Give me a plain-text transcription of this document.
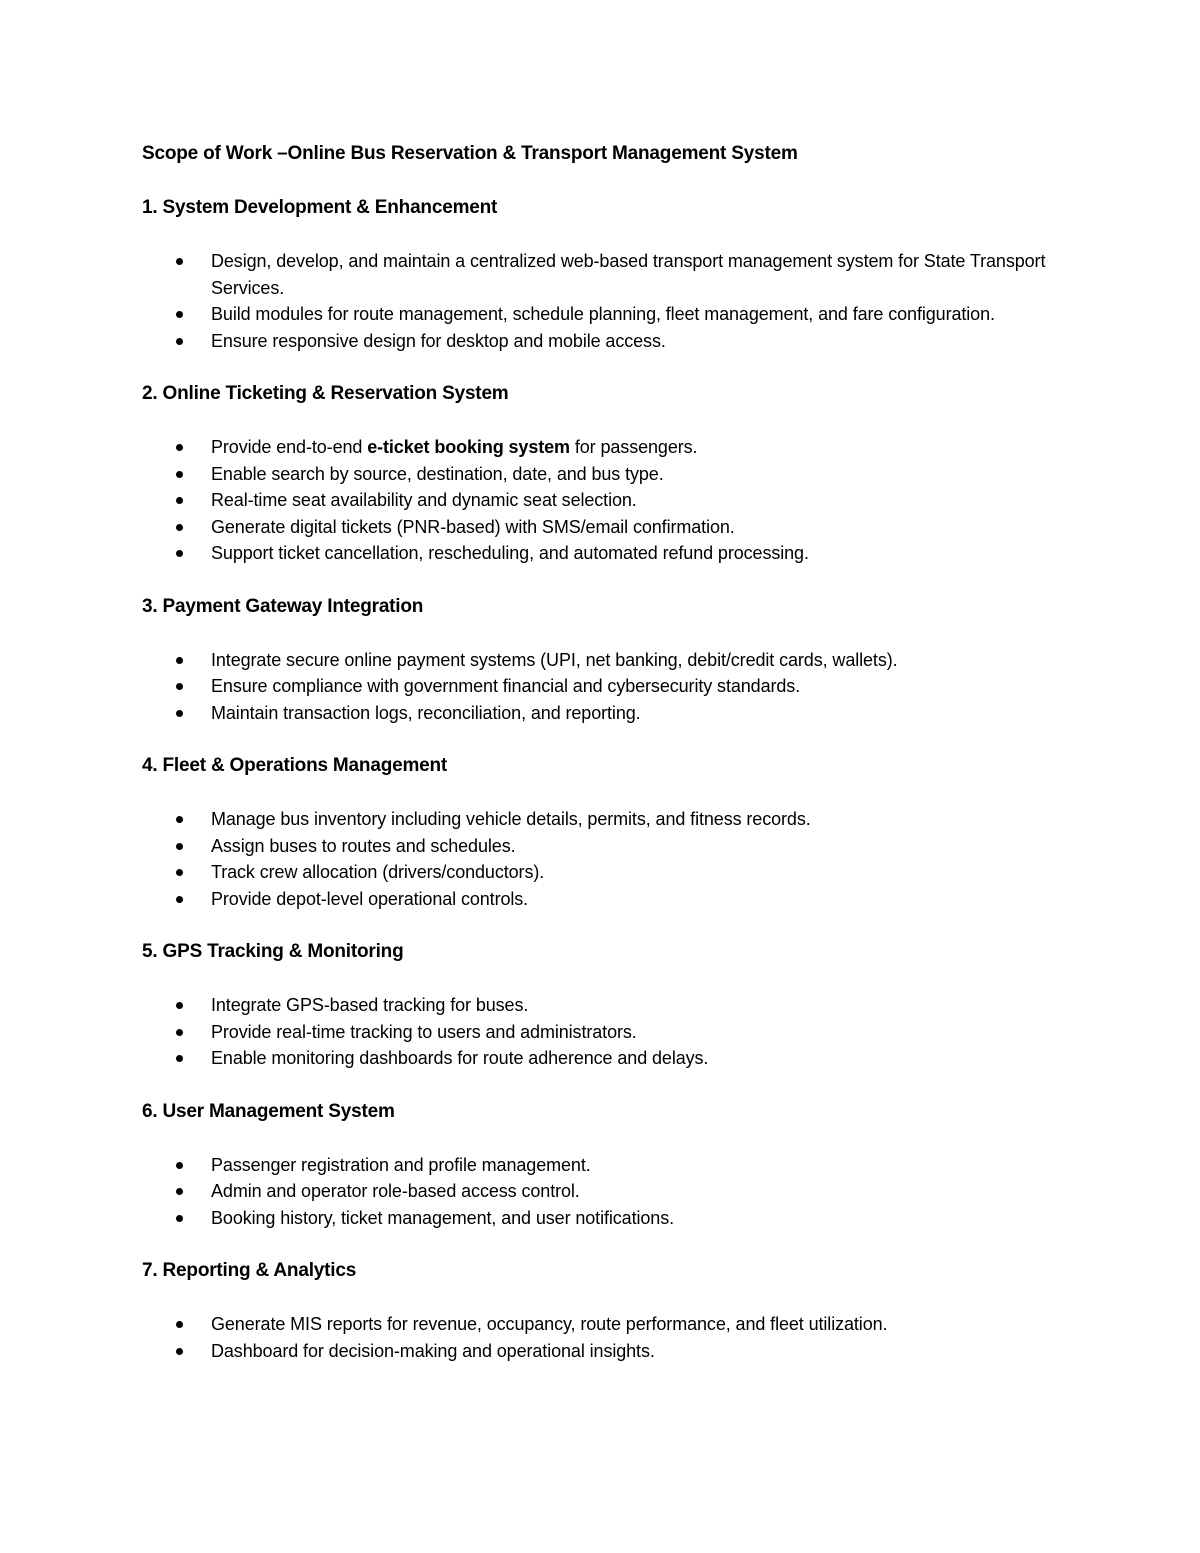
Scope of Work –Online Bus Reservation & Transport Management System
1. System Development & Enhancement
Design, develop, and maintain a centralized web-based transport management system for State Transport Services.
Build modules for route management, schedule planning, fleet management, and fare configuration.
Ensure responsive design for desktop and mobile access.
2. Online Ticketing & Reservation System
Provide end-to-end e-ticket booking system for passengers.
Enable search by source, destination, date, and bus type.
Real-time seat availability and dynamic seat selection.
Generate digital tickets (PNR-based) with SMS/email confirmation.
Support ticket cancellation, rescheduling, and automated refund processing.
3. Payment Gateway Integration
Integrate secure online payment systems (UPI, net banking, debit/credit cards, wallets).
Ensure compliance with government financial and cybersecurity standards.
Maintain transaction logs, reconciliation, and reporting.
4. Fleet & Operations Management
Manage bus inventory including vehicle details, permits, and fitness records.
Assign buses to routes and schedules.
Track crew allocation (drivers/conductors).
Provide depot-level operational controls.
5. GPS Tracking & Monitoring
Integrate GPS-based tracking for buses.
Provide real-time tracking to users and administrators.
Enable monitoring dashboards for route adherence and delays.
6. User Management System
Passenger registration and profile management.
Admin and operator role-based access control.
Booking history, ticket management, and user notifications.
7. Reporting & Analytics
Generate MIS reports for revenue, occupancy, route performance, and fleet utilization.
Dashboard for decision-making and operational insights.
